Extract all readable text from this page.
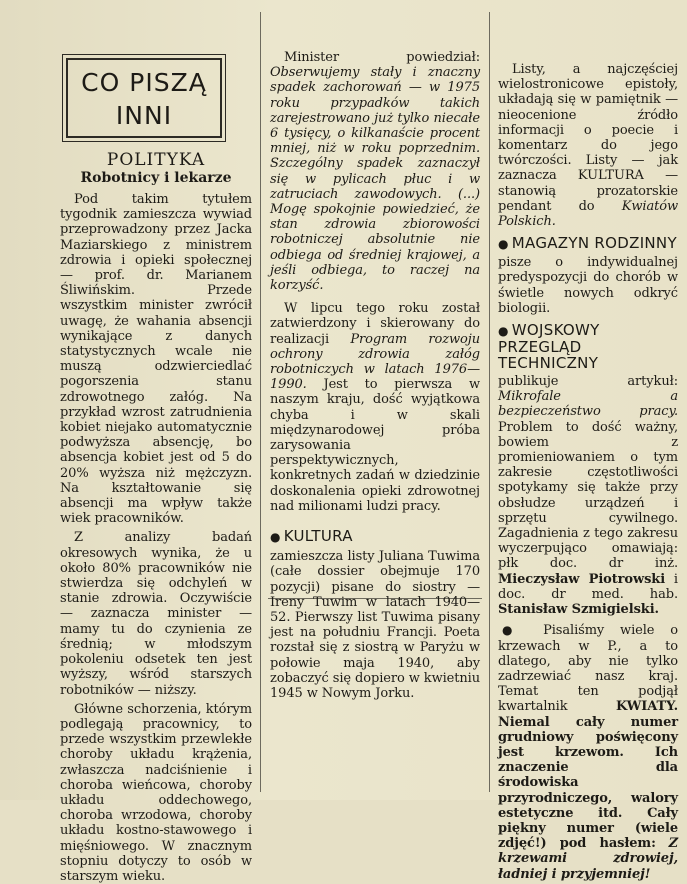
CO PISZĄ
INNI
POLITYKA
Robotnicy i lekarze

Pod takim tytułem tygodnik zamieszcza wywiad przeprowadzony przez Jacka Maziarskiego z ministrem zdrowia i opieki społecznej — prof. dr. Marianem Śliwińskim. Przede wszystkim minister zwrócił uwagę, że wahania absencji wynikające z danych statystycznych wcale nie muszą odzwierciedlać pogorszenia stanu zdrowotnego załóg. Na przykład wzrost zatrudnienia kobiet niejako automatycznie podwyższa absencję, bo absencja kobiet jest od 5 do 20% wyższa niż mężczyzn. Na kształtowanie się absencji ma wpływ także wiek pracowników.

Z analizy badań okresowych wynika, że u około 80% pracowników nie stwierdza się odchyleń w stanie zdrowia. Oczywiście — zaznacza minister — mamy tu do czynienia ze średnią; w młodszym pokoleniu odsetek ten jest wyższy, wśród starszych robotników — niższy.

Główne schorzenia, którym podlegają pracownicy, to przede wszystkim przewlekłe choroby układu krążenia, zwłaszcza nadciśnienie i choroba wieńcowa, choroby układu oddechowego, choroba wrzodowa, choroby układu kostno-stawowego i mięśniowego. W znacznym stopniu dotyczy to osób w starszym wieku.

Minister powiedział: Obserwujemy stały i znaczny spadek zachorowań — w 1975 roku przypadków takich zarejestrowano już tylko niecałe 6 tysięcy, o kilkanaście procent mniej, niż w roku poprzednim. Szczególny spadek zaznaczył się w pylicach płuc i w zatruciach zawodowych. (...) Mogę spokojnie powiedzieć, że stan zdrowia zbiorowości robotniczej absolutnie nie odbiega od średniej krajowej, a jeśli odbiega, to raczej na korzyść.

W lipcu tego roku został zatwierdzony i skierowany do realizacji Program rozwoju ochrony zdrowia załóg robotniczych w latach 1976—1990. Jest to pierwsza w naszym kraju, dość wyjątkowa chyba i w skali międzynarodowej próba zarysowania perspektywicznych, konkretnych zadań w dziedzinie doskonalenia opieki zdrowotnej nad milionami ludzi pracy.

● KULTURA

zamieszcza listy Juliana Tuwima (całe dossier obejmuje 170 pozycji) pisane do siostry — Ireny Tuwim w latach 1940—52. Pierwszy list Tuwima pisany jest na południu Francji. Poeta rozstał się z siostrą w Paryżu w połowie maja 1940, aby zobaczyć się dopiero w kwietniu 1945 w Nowym Jorku.

Listy, a najczęściej wielostronicowe epistoły, układają się w pamiętnik — nieocenione źródło informacji o poecie i komentarz do jego twórczości. Listy — jak zaznacza KULTURA — stanowią prozatorskie pendant do Kwiatów Polskich.

● MAGAZYN RODZINNY

pisze o indywidualnej predyspozycji do chorób w świetle nowych odkryć biologii.

● WOJSKOWY PRZEGLĄD TECHNICZNY

publikuje artykuł: Mikrofale a bezpieczeństwo pracy. Problem to dość ważny, bowiem z promieniowaniem o tym zakresie częstotliwości spotykamy się także przy obsłudze urządzeń i sprzętu cywilnego. Zagadnienia z tego zakresu wyczerpująco omawiają: płk doc. dr inż. Mieczysław Piotrowski i doc. dr med. hab. Stanisław Szmigielski.

● Pisaliśmy wiele o krzewach w P., a to dlatego, aby nie tylko zadrzewiać nasz kraj. Temat ten podjął kwartalnik	KWIATY. Niemal cały numer grudniowy poświęcony jest krzewom. Ich znaczenie dla środowiska przyrodniczego, walory estetyczne itd. Cały piękny numer (wiele zdjęć!) pod hasłem: Z krzewami zdrowiej, ładniej i przyjemniej!
